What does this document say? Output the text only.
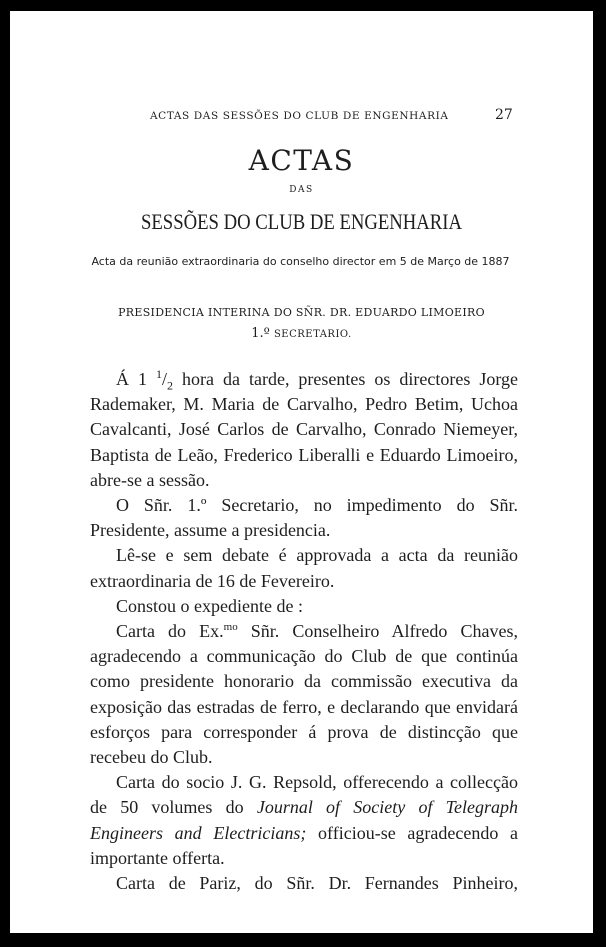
ACTAS DAS SESSÕES DO CLUB DE ENGENHARIA	27
ACTAS
DAS
SESSÕES DO CLUB DE ENGENHARIA
Acta da reunião extraordinaria do conselho director em 5 de Março de 1887
PRESIDENCIA INTERINA DO SÑR. DR. EDUARDO LIMOEIRO
1.º SECRETARIO.

Á 1 $^1/_2$ hora da tarde, presentes os directores Jorge Rademaker, M. Maria de Carvalho, Pedro Betim, Uchoa Cavalcanti, José Carlos de Carvalho, Conrado Niemeyer, Baptista de Leão, Frederico Liberalli e Eduardo Limoeiro, abre-se a sessão.

O Sñr. 1.º Secretario, no impedimento do Sñr. Presidente, assume a presidencia.

Lê-se e sem debate é approvada a acta da reunião extraordinaria de 16 de Fevereiro.

Constou o expediente de :

Carta do Ex.$^{mo}$ Sñr. Conselheiro Alfredo Chaves, agradecendo a communicação do Club de que continúa como presidente honorario da commissão executiva da exposição das estradas de ferro, e declarando que envidará esforços para corresponder á prova de distincção que recebeu do Club.

Carta do socio J. G. Repsold, offerecendo a collecção de 50 volumes do Journal of Society of Telegraph Engineers and Electricians; officiou-se agradecendo a importante offerta.

Carta de Pariz, do Sñr. Dr. Fernandes Pinheiro,
